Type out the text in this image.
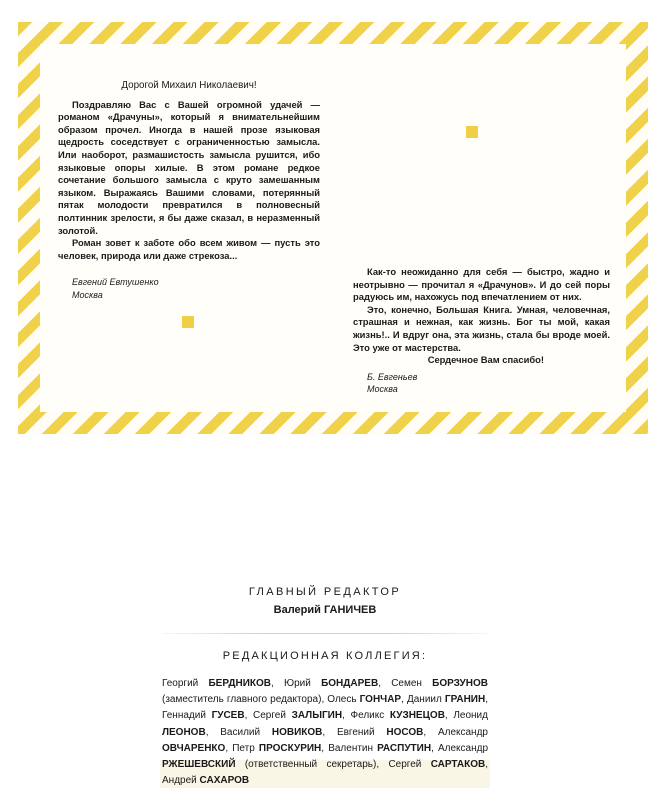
Дорогой Михаил Николаевич!

Поздравляю Вас с Вашей огромной удачей — романом «Драчуны», который я внимательнейшим образом прочел. Иногда в нашей прозе языковая щедрость соседствует с ограниченностью замысла. Или наоборот, размашистость замысла рушится, ибо языковые опоры хилые. В этом романе редкое сочетание большого замысла с круто замешанным языком. Выражаясь Вашими словами, потерянный пятак молодости превратился в полновесный полтинник зрелости, я бы даже сказал, в неразменный золотой.

Роман зовет к заботе обо всем живом — пусть это человек, природа или даже стрекоза...

Евгений Евтушенко

Москва

Как-то неожиданно для себя — быстро, жадно и неотрывно — прочитал я «Драчунов». И до сей поры радуюсь им, нахожусь под впечатлением от них.

Это, конечно, Большая Книга. Умная, человечная, страшная и нежная, как жизнь. Бог ты мой, какая жизнь!.. И вдруг она, эта жизнь, стала бы вроде моей. Это уже от мастерства.

Сердечное Вам спасибо!

Б. Евгеньев

Москва

ГЛАВНЫЙ РЕДАКТОР

Валерий ГАНИЧЕВ

РЕДАКЦИОННАЯ КОЛЛЕГИЯ:

Георгий БЕРДНИКОВ, Юрий БОНДАРЕВ, Семен БОРЗУНОВ (заместитель главного редактора), Олесь ГОНЧАР, Даниил ГРАНИН, Геннадий ГУСЕВ, Сергей ЗАЛЫГИН, Феликс КУЗНЕЦОВ, Леонид ЛЕОНОВ, Василий НОВИКОВ, Евгений НОСОВ, Александр ОВЧАРЕНКО, Петр ПРОСКУРИН, Валентин РАСПУТИН, Александр РЖЕШЕВСКИЙ (ответственный секретарь), Сергей САРТАКОВ, Андрей САХАРОВ
